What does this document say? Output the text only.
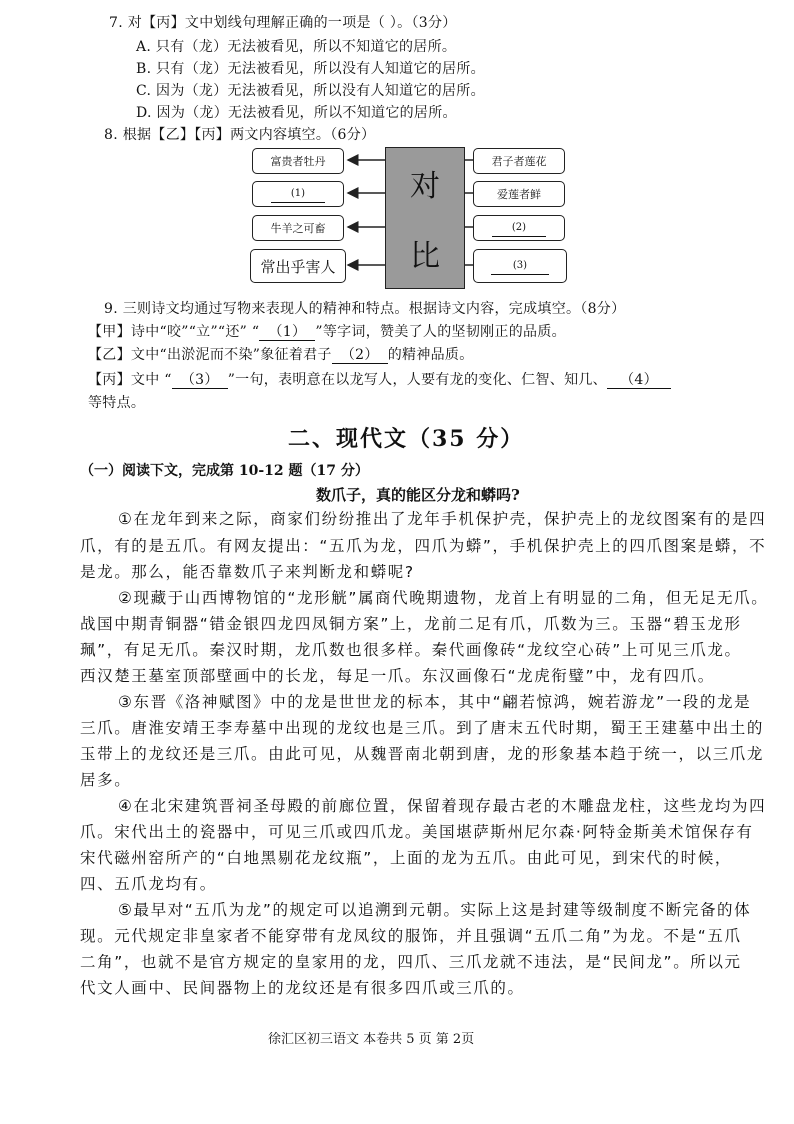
7. 对【丙】文中划线句理解正确的一项是（ ）。（3分）
A. 只有（龙）无法被看见，所以不知道它的居所。
B. 只有（龙）无法被看见，所以没有人知道它的居所。
C. 因为（龙）无法被看见，所以没有人知道它的居所。
D. 因为（龙）无法被看见，所以不知道它的居所。
8. 根据【乙】【丙】两文内容填空。（6分）
富贵者牡丹
(1)
牛羊之可畜
常出乎害人
对
比
君子者莲花
爱莲者鲜
(2)
(3)
9. 三则诗文均通过写物来表现人的精神和特点。根据诗文内容，完成填空。（8分）
【甲】诗中“咬”“立”“还” “ （1） ”等字词，赞美了人的坚韧刚正的品质。
【乙】文中“出淤泥而不染”象征着君子 （2） 的精神品质。
【丙】文中 “ （3） ”一句，表明意在以龙写人，人要有龙的变化、仁智、知几、 （4）
等特点。
二、现代文（35 分）
（一）阅读下文，完成第 10-12 题（17 分）
数爪子，真的能区分龙和蟒吗?
①在龙年到来之际，商家们纷纷推出了龙年手机保护壳，保护壳上的龙纹图案有的是四
爪，有的是五爪。有网友提出：“五爪为龙，四爪为蟒”，手机保护壳上的四爪图案是蟒，不
是龙。那么，能否靠数爪子来判断龙和蟒呢?
②现藏于山西博物馆的“龙形觥”属商代晚期遗物，龙首上有明显的二角，但无足无爪。
战国中期青铜器“错金银四龙四凤铜方案”上，龙前二足有爪，爪数为三。玉器“碧玉龙形
珮”，有足无爪。秦汉时期，龙爪数也很多样。秦代画像砖“龙纹空心砖”上可见三爪龙。
西汉楚王墓室顶部壁画中的长龙，每足一爪。东汉画像石“龙虎衔璧”中，龙有四爪。
③东晋《洛神赋图》中的龙是世世龙的标本，其中“翩若惊鸿，婉若游龙”一段的龙是
三爪。唐淮安靖王李寿墓中出现的龙纹也是三爪。到了唐末五代时期，蜀王王建墓中出土的
玉带上的龙纹还是三爪。由此可见，从魏晋南北朝到唐，龙的形象基本趋于统一，以三爪龙
居多。
④在北宋建筑晋祠圣母殿的前廊位置，保留着现存最古老的木雕盘龙柱，这些龙均为四
爪。宋代出土的瓷器中，可见三爪或四爪龙。美国堪萨斯州尼尔森·阿特金斯美术馆保存有
宋代磁州窑所产的“白地黑剔花龙纹瓶”，上面的龙为五爪。由此可见，到宋代的时候，
四、五爪龙均有。
⑤最早对“五爪为龙”的规定可以追溯到元朝。实际上这是封建等级制度不断完备的体
现。元代规定非皇家者不能穿带有龙凤纹的服饰，并且强调“五爪二角”为龙。不是“五爪
二角”，也就不是官方规定的皇家用的龙，四爪、三爪龙就不违法，是“民间龙”。所以元
代文人画中、民间器物上的龙纹还是有很多四爪或三爪的。
徐汇区初三语文 本卷共 5 页 第 2页
